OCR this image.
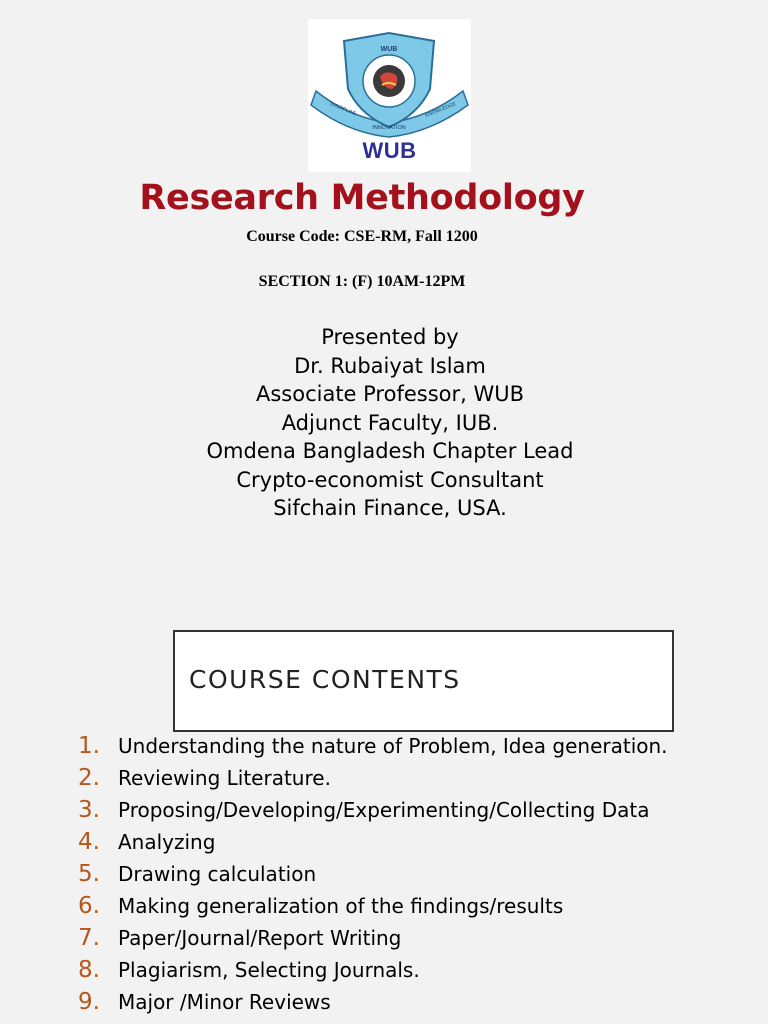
WUB
INNOVATION
DISCIPLINE	KNOWLEDGE
WUB
Research Methodology
Course Code: CSE-RM, Fall 1200
SECTION 1: (F) 10AM-12PM
Presented by
Dr. Rubaiyat Islam
Associate Professor, WUB
Adjunct Faculty, IUB.
Omdena Bangladesh Chapter Lead
Crypto-economist Consultant
Sifchain Finance, USA.
COURSE CONTENTS
1. Understanding the nature of Problem, Idea generation.
2. Reviewing Literature.
3. Proposing/Developing/Experimenting/Collecting Data
4. Analyzing
5. Drawing calculation
6. Making generalization of the findings/results
7. Paper/Journal/Report Writing
8. Plagiarism, Selecting Journals.
9. Major /Minor Reviews
